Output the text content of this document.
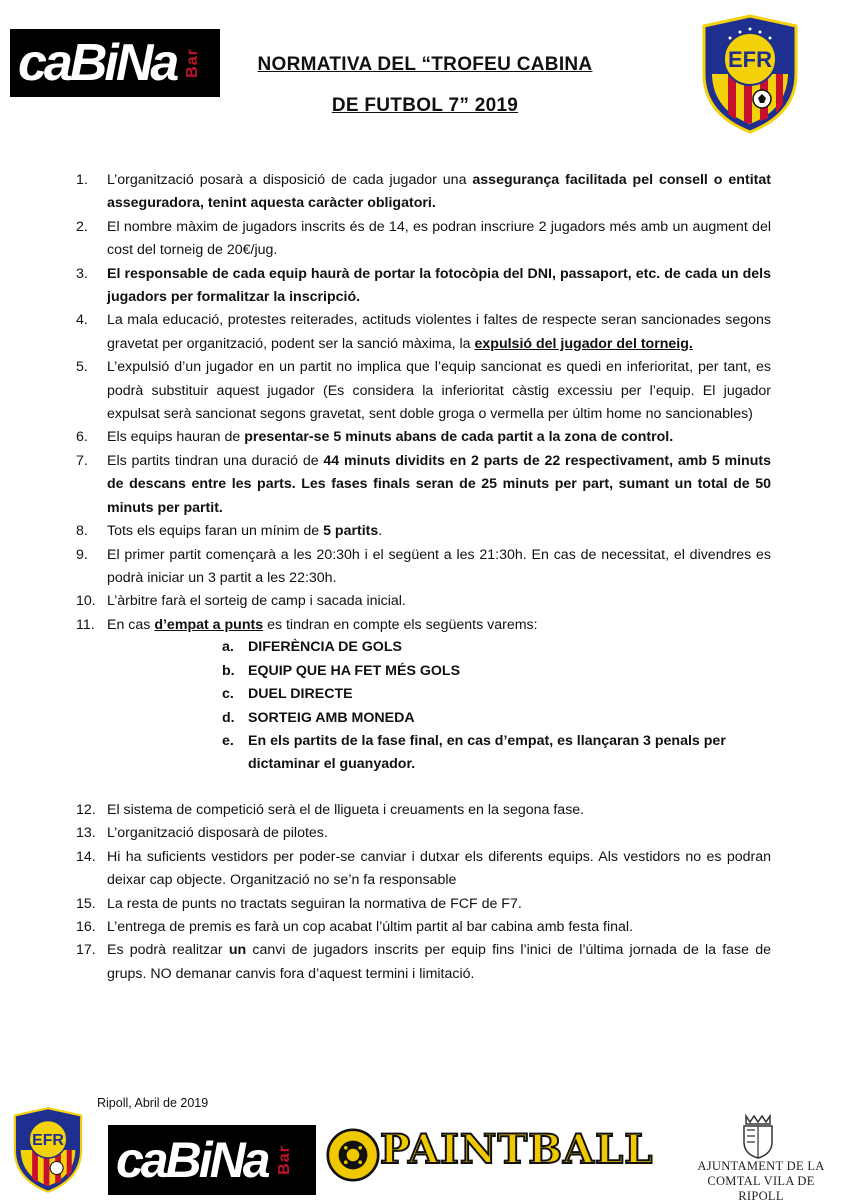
caBiNa Bar	NORMATIVA DEL “TROFEU CABINA
DE FUTBOL 7” 2019
EFR
1.	L’organització posarà a disposició de cada jugador una assegurança facilitada pel consell o entitat asseguradora, tenint aquesta caràcter obligatori.
2.	El nombre màxim de jugadors inscrits és de 14, es podran inscriure 2 jugadors més amb un augment del cost del torneig de 20€/jug.
3.	El responsable de cada equip haurà de portar la fotocòpia del DNI, passaport, etc. de cada un dels jugadors per formalitzar la inscripció.
4.	La mala educació, protestes reiterades, actituds violentes i faltes de respecte seran sancionades segons gravetat per organització, podent ser la sanció màxima, la expulsió del jugador del torneig.
5.	L’expulsió d’un jugador en un partit no implica que l’equip sancionat es quedi en inferioritat, per tant, es podrà substituir aquest jugador (Es considera la inferioritat càstig excessiu per l’equip. El jugador expulsat serà sancionat segons gravetat, sent doble groga o vermella per últim home no sancionables)
6.	Els equips hauran de presentar-se 5 minuts abans de cada partit a la zona de control.
7.	Els partits tindran una duració de 44 minuts dividits en 2 parts de 22 respectivament, amb 5 minuts de descans entre les parts. Les fases finals seran de 25 minuts per part, sumant un total de 50 minuts per partit.
8.	Tots els equips faran un mínim de 5 partits.
9.	El primer partit començarà a les 20:30h i el següent a les 21:30h. En cas de necessitat, el divendres es podrà iniciar un 3 partit a les 22:30h.
10. L’àrbitre farà el sorteig de camp i sacada inicial.
11. En cas d’empat a punts es tindran en compte els següents varems:
a. DIFERÈNCIA DE GOLS
b. EQUIP QUE HA FET MÉS GOLS
c. DUEL DIRECTE
d. SORTEIG AMB MONEDA
e. En els partits de la fase final, en cas d’empat, es llançaran 3 penals per dictaminar el guanyador.
12. El sistema de competició serà el de lligueta i creuaments en la segona fase.
13. L’organització disposarà de pilotes.
14. Hi ha suficients vestidors per poder-se canviar i dutxar els diferents equips. Als vestidors no es podran deixar cap objecte. Organització no se’n fa responsable
15. La resta de punts no tractats seguiran la normativa de FCF de F7.
16. L’entrega de premis es farà un cop acabat l’últim partit al bar cabina amb festa final.
17. Es podrà realitzar un canvi de jugadors inscrits per equip fins l’inici de l’última jornada de la fase de grups. NO demanar canvis fora d’aquest termini i limitació.
Ripoll, Abril de 2019
EFR caBiNa Bar PAINTBALL	AJUNTAMENT DE LA
COMTAL VILA DE RIPOLL
